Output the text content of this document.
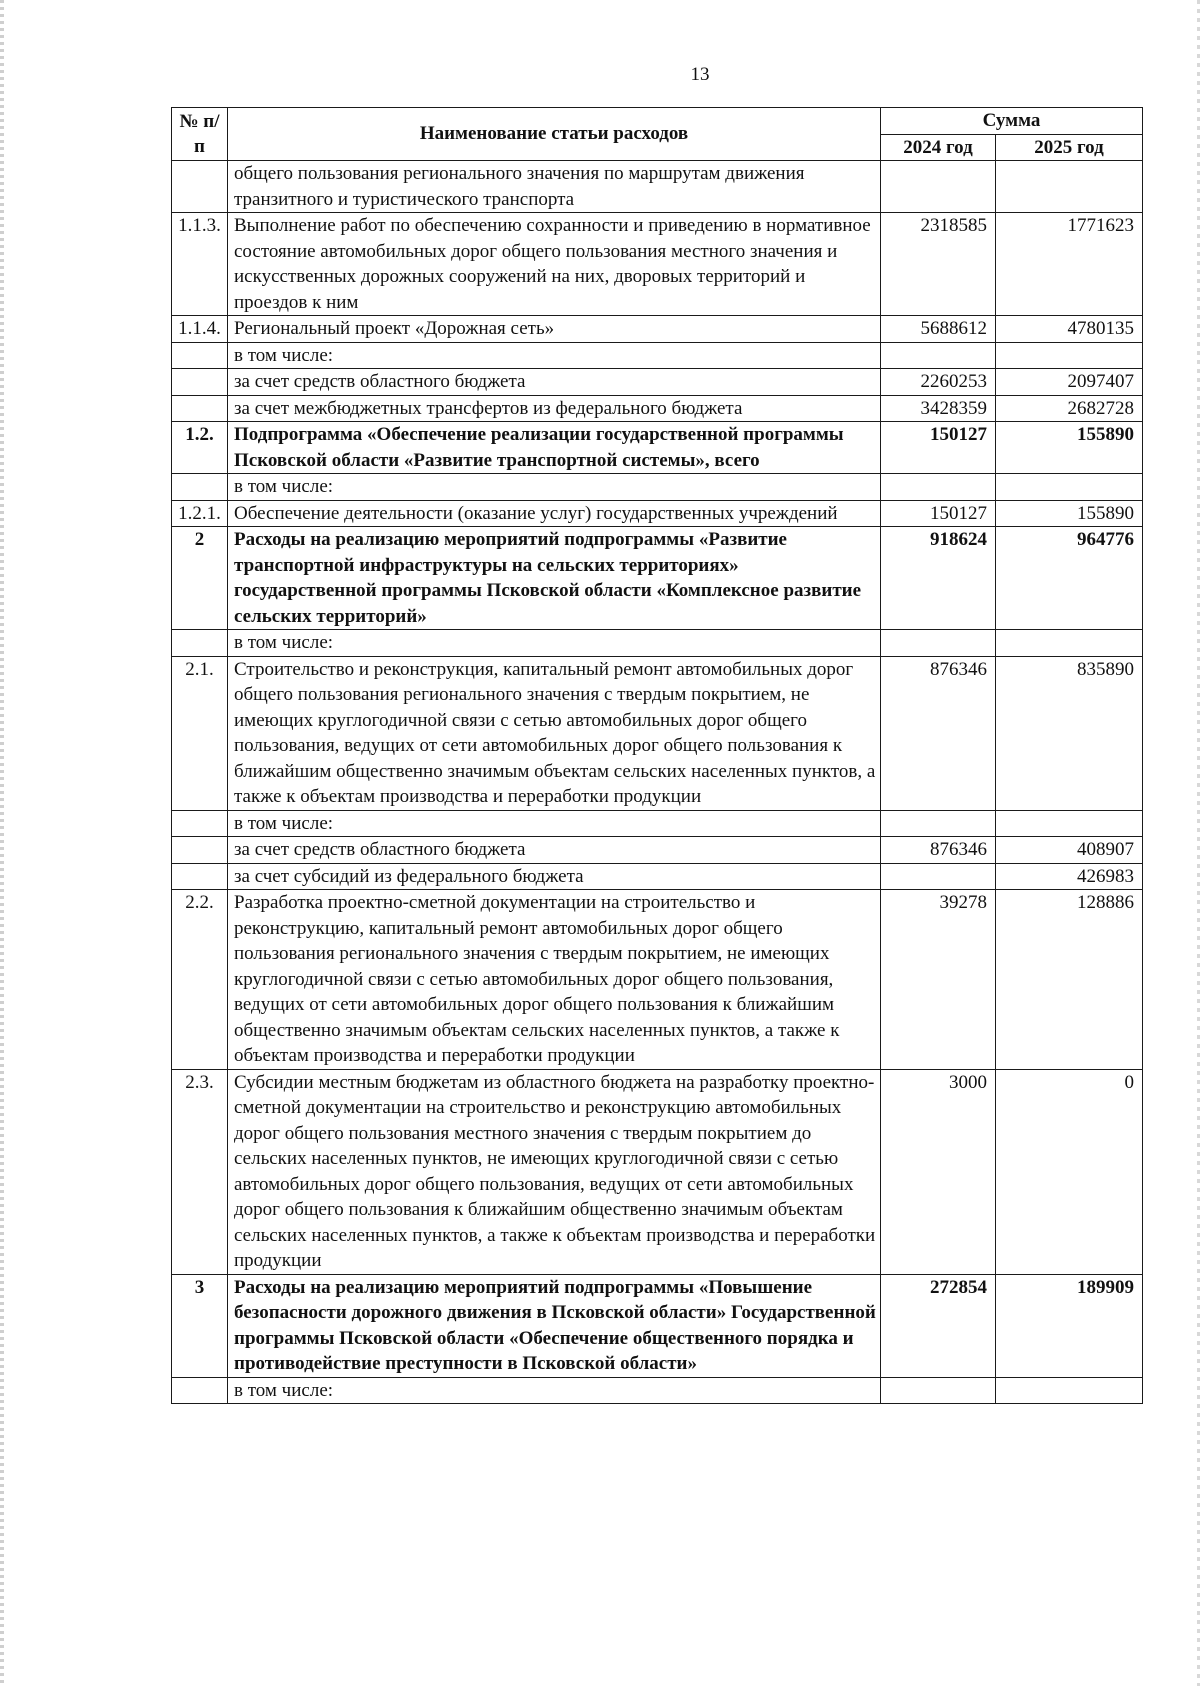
13
№ п/п	Наименование статьи расходов	Сумма	
		2024 год	2025 год
	общего пользования регионального значения по маршрутам движения транзитного и туристического транспорта		
1.1.3.	Выполнение работ по обеспечению сохранности и приведению в нормативное состояние автомобильных дорог общего пользования местного значения и искусственных дорожных сооружений на них, дворовых территорий и проездов к ним	2318585	1771623
1.1.4.	Региональный проект «Дорожная сеть»	5688612	4780135
	в том числе:		
	за счет средств областного бюджета	2260253	2097407
	за счет межбюджетных трансфертов из федерального бюджета	3428359	2682728
1.2.	Подпрограмма «Обеспечение реализации государственной программы Псковской области «Развитие транспортной системы», всего	150127	155890
	в том числе:		
1.2.1.	Обеспечение деятельности (оказание услуг) государственных учреждений	150127	155890
2	Расходы на реализацию мероприятий подпрограммы «Развитие транспортной инфраструктуры на сельских территориях» государственной программы Псковской области «Комплексное развитие сельских территорий»	918624	964776
	в том числе:		
2.1.	Строительство и реконструкция, капитальный ремонт автомобильных дорог общего пользования регионального значения с твердым покрытием, не имеющих круглогодичной связи с сетью автомобильных дорог общего пользования, ведущих от сети автомобильных дорог общего пользования к ближайшим общественно значимым объектам сельских населенных пунктов, а также к объектам производства и переработки продукции	876346	835890
	в том числе:		
	за счет средств областного бюджета	876346	408907
	за счет субсидий из федерального бюджета		426983
2.2.	Разработка проектно-сметной документации на строительство и реконструкцию, капитальный ремонт автомобильных дорог общего пользования регионального значения с твердым покрытием, не имеющих круглогодичной связи с сетью автомобильных дорог общего пользования, ведущих от сети автомобильных дорог общего пользования к ближайшим общественно значимым объектам сельских населенных пунктов, а также к объектам производства и переработки продукции	39278	128886
2.3.	Субсидии местным бюджетам из областного бюджета на разработку проектно-сметной документации на строительство и реконструкцию автомобильных дорог общего пользования местного значения с твердым покрытием до сельских населенных пунктов, не имеющих круглогодичной связи с сетью автомобильных дорог общего пользования, ведущих от сети автомобильных дорог общего пользования к ближайшим общественно значимым объектам сельских населенных пунктов, а также к объектам производства и переработки продукции	3000	0
3	Расходы на реализацию мероприятий подпрограммы «Повышение безопасности дорожного движения в Псковской области» Государственной программы Псковской области «Обеспечение общественного порядка и противодействие преступности в Псковской области»	272854	189909
	в том числе:		
